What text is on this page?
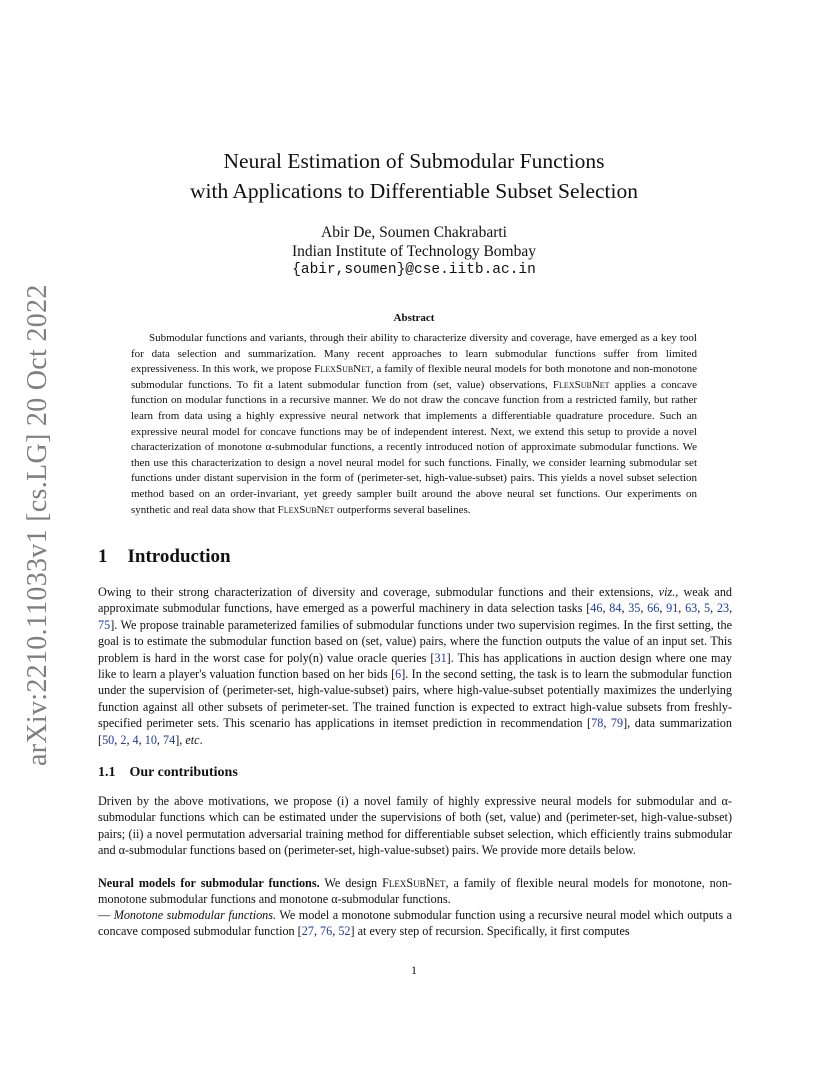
arXiv:2210.11033v1 [cs.LG] 20 Oct 2022
Neural Estimation of Submodular Functions
with Applications to Differentiable Subset Selection
Abir De, Soumen Chakrabarti
Indian Institute of Technology Bombay
{abir,soumen}@cse.iitb.ac.in
Abstract

Submodular functions and variants, through their ability to characterize diversity and coverage, have emerged as a key tool for data selection and summarization. Many recent approaches to learn submodular functions suffer from limited expressiveness. In this work, we propose FlexSubNet, a family of flexible neural models for both monotone and non-monotone submodular functions. To fit a latent submodular function from (set, value) observations, FlexSubNet applies a concave function on modular functions in a recursive manner. We do not draw the concave function from a restricted family, but rather learn from data using a highly expressive neural network that implements a differentiable quadrature procedure. Such an expressive neural model for concave functions may be of independent interest. Next, we extend this setup to provide a novel characterization of monotone α-submodular functions, a recently introduced notion of approximate submodular functions. We then use this characterization to design a novel neural model for such functions. Finally, we consider learning submodular set functions under distant supervision in the form of (perimeter-set, high-value-subset) pairs. This yields a novel subset selection method based on an order-invariant, yet greedy sampler built around the above neural set functions. Our experiments on synthetic and real data show that FlexSubNet outperforms several baselines.

1 Introduction

Owing to their strong characterization of diversity and coverage, submodular functions and their extensions, viz., weak and approximate submodular functions, have emerged as a powerful machinery in data selection tasks [46, 84, 35, 66, 91, 63, 5, 23, 75]. We propose trainable parameterized families of submodular functions under two supervision regimes. In the first setting, the goal is to estimate the submodular function based on (set, value) pairs, where the function outputs the value of an input set. This problem is hard in the worst case for poly(n) value oracle queries [31]. This has applications in auction design where one may like to learn a player's valuation function based on her bids [6]. In the second setting, the task is to learn the submodular function under the supervision of (perimeter-set, high-value-subset) pairs, where high-value-subset potentially maximizes the underlying function against all other subsets of perimeter-set. The trained function is expected to extract high-value subsets from freshly-specified perimeter sets. This scenario has applications in itemset prediction in recommendation [78, 79], data summarization [50, 2, 4, 10, 74], etc.

1.1 Our contributions

Driven by the above motivations, we propose (i) a novel family of highly expressive neural models for submodular and α-submodular functions which can be estimated under the supervisions of both (set, value) and (perimeter-set, high-value-subset) pairs; (ii) a novel permutation adversarial training method for differentiable subset selection, which efficiently trains submodular and α-submodular functions based on (perimeter-set, high-value-subset) pairs. We provide more details below.

Neural models for submodular functions. We design FlexSubNet, a family of flexible neural models for monotone, non-monotone submodular functions and monotone α-submodular functions.

— Monotone submodular functions. We model a monotone submodular function using a recursive neural model which outputs a concave composed submodular function [27, 76, 52] at every step of recursion. Specifically, it first computes

1
